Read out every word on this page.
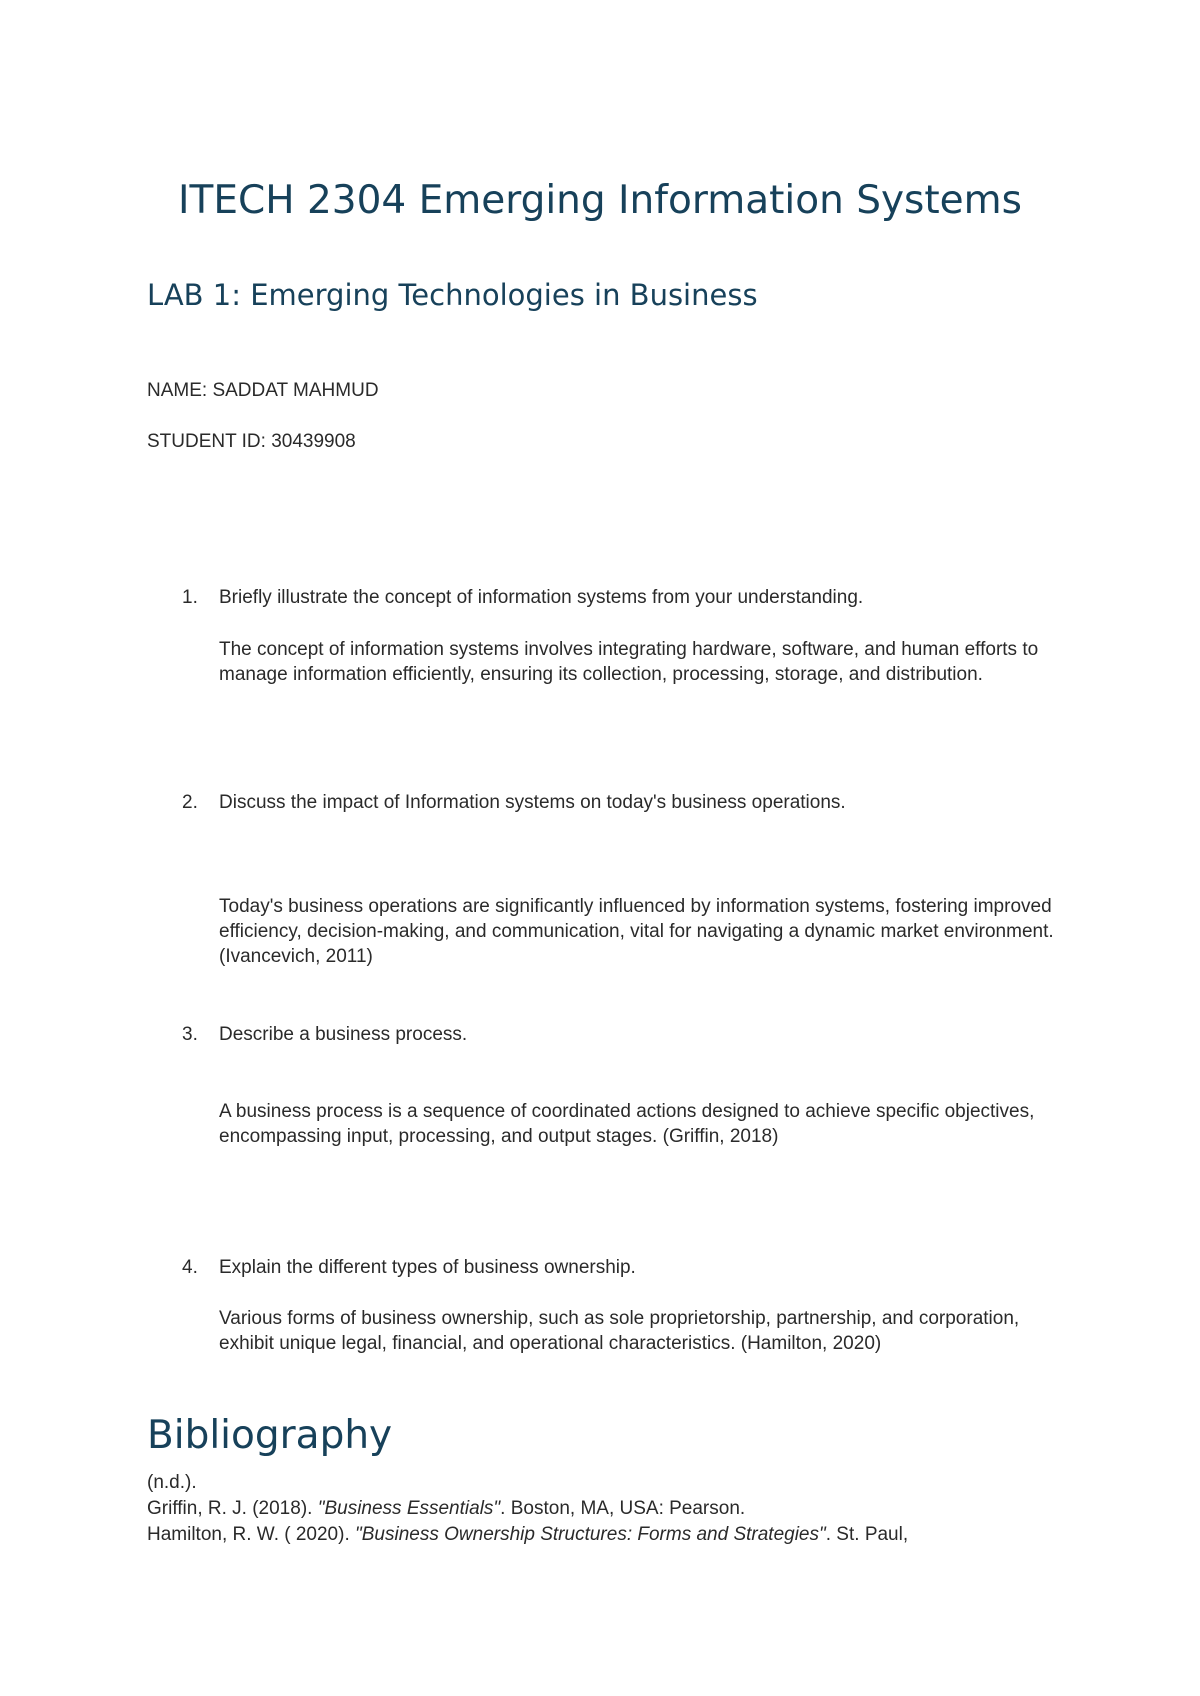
ITECH 2304 Emerging Information Systems
LAB 1: Emerging Technologies in Business

NAME: SADDAT MAHMUD

STUDENT ID: 30439908

1. Briefly illustrate the concept of information systems from your understanding.

The concept of information systems involves integrating hardware, software, and human efforts to manage information efficiently, ensuring its collection, processing, storage, and distribution.

2. Discuss the impact of Information systems on today's business operations.

Today's business operations are significantly influenced by information systems, fostering improved efficiency, decision-making, and communication, vital for navigating a dynamic market environment.
(Ivancevich, 2011)

3. Describe a business process.

A business process is a sequence of coordinated actions designed to achieve specific objectives, encompassing input, processing, and output stages. (Griffin, 2018)

4. Explain the different types of business ownership.

Various forms of business ownership, such as sole proprietorship, partnership, and corporation, exhibit unique legal, financial, and operational characteristics. (Hamilton, 2020)

Bibliography

(n.d.).

Griffin, R. J. (2018). "Business Essentials". Boston, MA, USA: Pearson.

Hamilton, R. W. ( 2020). "Business Ownership Structures: Forms and Strategies". St. Paul,
